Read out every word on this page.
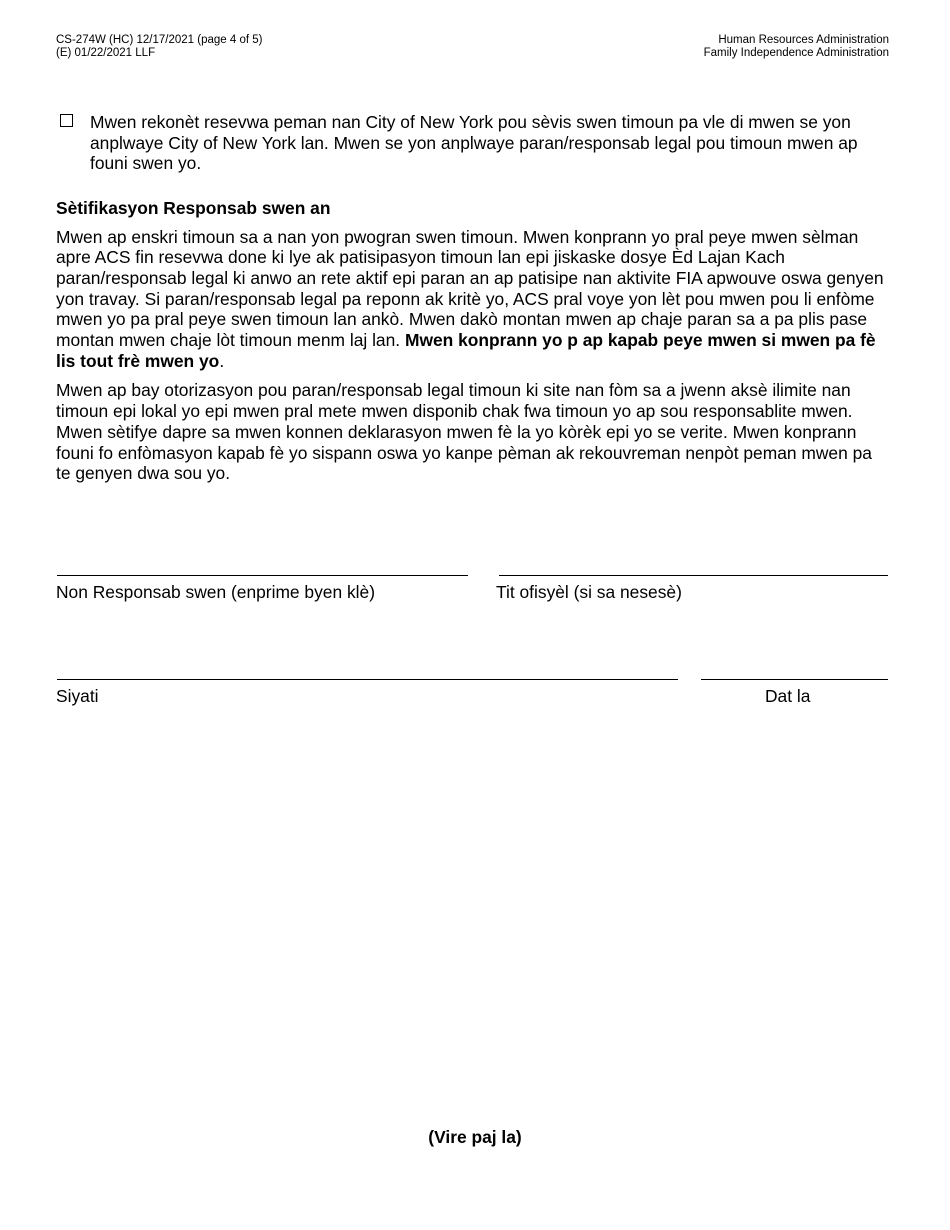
CS-274W (HC) 12/17/2021 (page 4 of 5)
(E) 01/22/2021 LLF
Human Resources Administration
Family Independence Administration
Mwen rekonèt resevwa peman nan City of New York pou sèvis swen timoun pa vle di mwen se yon anplwaye City of New York lan. Mwen se yon anplwaye paran/responsab legal pou timoun mwen ap founi swen yo.
Sètifikasyon Responsab swen an

Mwen ap enskri timoun sa a nan yon pwogran swen timoun. Mwen konprann yo pral peye mwen sèlman apre ACS fin resevwa done ki lye ak patisipasyon timoun lan epi jiskaske dosye Èd Lajan Kach paran/responsab legal ki anwo an rete aktif epi paran an ap patisipe nan aktivite FIA apwouve oswa genyen yon travay. Si paran/responsab legal pa reponn ak kritè yo, ACS pral voye yon lèt pou mwen pou li enfòme mwen yo pa pral peye swen timoun lan ankò. Mwen dakò montan mwen ap chaje paran sa a pa plis pase montan mwen chaje lòt timoun menm laj lan. Mwen konprann yo p ap kapab peye mwen si mwen pa fè lis tout frè mwen yo.

Mwen ap bay otorizasyon pou paran/responsab legal timoun ki site nan fòm sa a jwenn aksè ilimite nan timoun epi lokal yo epi mwen pral mete mwen disponib chak fwa timoun yo ap sou responsablite mwen. Mwen sètifye dapre sa mwen konnen deklarasyon mwen fè la yo kòrèk epi yo se verite. Mwen konprann founi fo enfòmasyon kapab fè yo sispann oswa yo kanpe pèman ak rekouvreman nenpòt peman mwen pa te genyen dwa sou yo.

Non Responsab swen (enprime byen klè)	Tit ofisyèl (si sa nesesè)
Siyati	Dat la
(Vire paj la)
